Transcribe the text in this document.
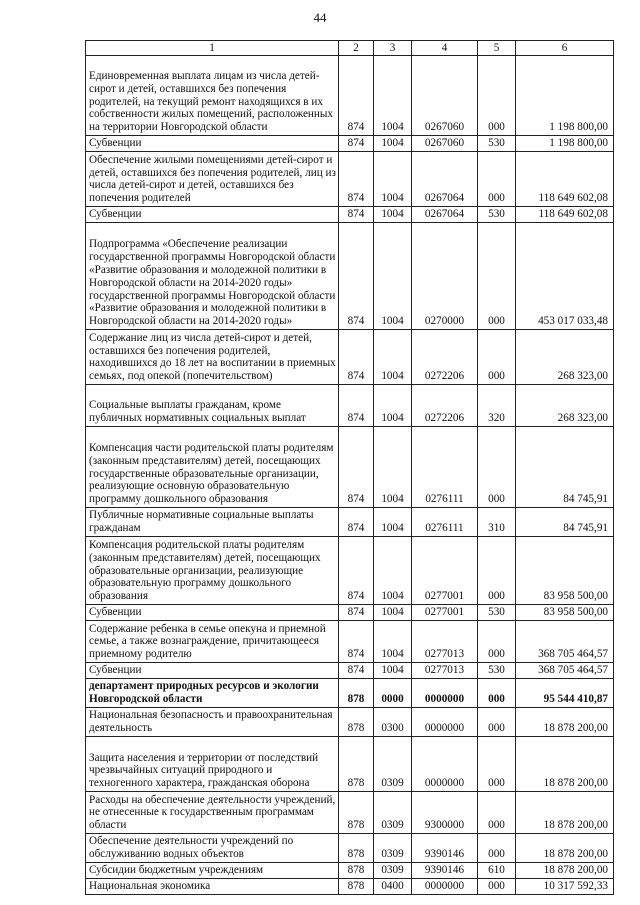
44
1	2	3	4	5	6
Единовременная выплата лицам из числа детей-сирот и детей, оставшихся без попечения родителей, на текущий ремонт находящихся в их собственности жилых помещений, расположенных на территории Новгородской области	874	1004	0267060	000	1 198 800,00
Субвенции	874	1004	0267060	530	1 198 800,00
Обеспечение жилыми помещениями детей-сирот и детей, оставшихся без попечения родителей, лиц из числа детей-сирот и детей, оставшихся без попечения родителей	874	1004	0267064	000	118 649 602,08
Субвенции	874	1004	0267064	530	118 649 602,08
Подпрограмма «Обеспечение реализации государственной программы Новгородской области «Развитие образования и молодежной политики в Новгородской области на 2014-2020 годы» государственной программы Новгородской области «Развитие образования и молодежной политики в Новгородской области на 2014-2020 годы»	874	1004	0270000	000	453 017 033,48
Содержание лиц из числа детей-сирот и детей, оставшихся без попечения родителей, находившихся до 18 лет на воспитании в приемных семьях, под опекой (попечительством)	874	1004	0272206	000	268 323,00
Социальные выплаты гражданам, кроме публичных нормативных социальных выплат	874	1004	0272206	320	268 323,00
Компенсация части родительской платы родителям (законным представителям) детей, посещающих государственные образовательные организации, реализующие основную образовательную программу дошкольного образования	874	1004	0276111	000	84 745,91
Публичные нормативные социальные выплаты гражданам	874	1004	0276111	310	84 745,91
Компенсация родительской платы родителям (законным представителям) детей, посещающих образовательные организации, реализующие образовательную программу дошкольного образования	874	1004	0277001	000	83 958 500,00
Субвенции	874	1004	0277001	530	83 958 500,00
Содержание ребенка в семье опекуна и приемной семье, а также вознаграждение, причитающееся приемному родителю	874	1004	0277013	000	368 705 464,57
Субвенции	874	1004	0277013	530	368 705 464,57
департамент природных ресурсов и экологии Новгородской области	878	0000	0000000	000	95 544 410,87
Национальная безопасность и правоохранительная деятельность	878	0300	0000000	000	18 878 200,00
Защита населения и территории от последствий чрезвычайных ситуаций природного и техногенного характера, гражданская оборона	878	0309	0000000	000	18 878 200,00
Расходы на обеспечение деятельности учреждений, не отнесенные к государственным программам области	878	0309	9300000	000	18 878 200,00
Обеспечение деятельности учреждений по обслуживанию водных объектов	878	0309	9390146	000	18 878 200,00
Субсидии бюджетным учреждениям	878	0309	9390146	610	18 878 200,00
Национальная экономика	878	0400	0000000	000	10 317 592,33
